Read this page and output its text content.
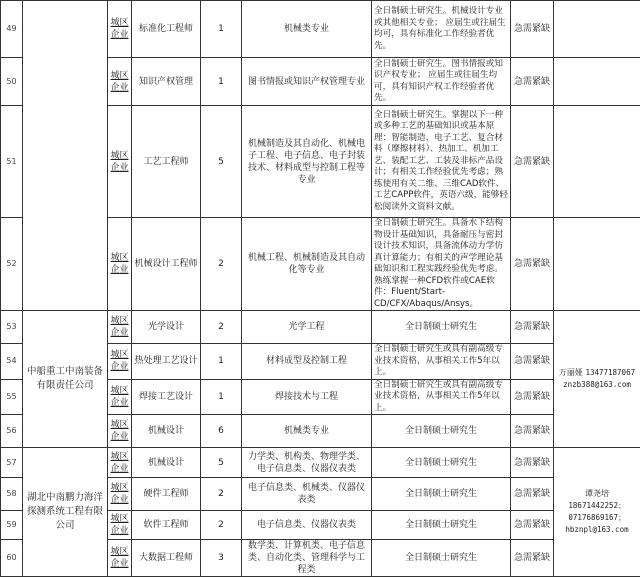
49		城区企业	标准化工程师	1	机械类专业	全日制硕士研究生。机械设计专业或其他相关专业； 应届生或往届生均可，具有标准化工作经验者优先。	急需紧缺	
50		城区企业	知识产权管理	1	图书情报或知识产权管理专业	全日制硕士研究生。图书情报或知识产权专业； 应届生或往届生均可，具有知识产权工作经验者优先。	急需紧缺	
51		城区企业	工艺工程师	5	机械制造及其自动化、机械电子工程、电子信息、电子封装技术、材料成型与控制工程等专业	全日制硕士研究生。掌握以下一种或多种工艺的基础知识或基本原理：智能制造、电子工艺、复合材料（摩擦材料）、热加工、机加工艺、装配工艺、工装及非标产品设计；有相关工作经验优先考虑；熟练使用有关二维、三维CAD软件、工艺CAPP软件，英语六级，能够轻松阅读外文资料文献。	急需紧缺	
52		城区企业	机械设计工程师	2	机械工程、机械制造及其自动化等专业	全日制硕士研究生。具备水下结构物设计基础知识，具备耐压与密封设计技术知识，具备流体动力学仿真计算能力；有相关的声学理论基础知识和工程实践经验优先考虑。熟练掌握一种CFD软件或CAE软件：Fluent/Start-CD/CFX/Abaqus/Ansys。	急需紧缺	
53	中船重工中南装备有限责任公司	城区企业	光学设计	2	光学工程	全日制硕士研究生	急需紧缺	万丽娅 13477187067 znzb388@163.com
54		城区企业	热处理工艺设计	1	材料成型及控制工程	全日制硕士研究生或具有副高级专业技术资格，从事相关工作5年以上。	急需紧缺	
55		城区企业	焊接工艺设计	1	焊接技术与工程	全日制硕士研究生或具有副高级专业技术资格，从事相关工作5年以上。	急需紧缺	
56		城区企业	机械设计	6	机械类专业	全日制硕士研究生	急需紧缺	
57	湖北中南鹏力海洋探测系统工程有限公司	城区企业	机械设计	5	力学类、机构类、物理学类、电子信息类、仪器仪表类	全日制硕士研究生	急需紧缺	谭尧培 18671442252；07176869167；hbznpl@163.com
58		城区企业	硬件工程师	2	电子信息类、机械类、仪器仪表类	全日制硕士研究生	急需紧缺	
59		城区企业	软件工程师	2	电子信息类、仪器仪表类	全日制硕士研究生	急需紧缺	
60		城区企业	大数据工程师	3	数学类、计算机类、电子信息类、自动化类、管理科学与工程类	全日制硕士研究生	急需紧缺	
